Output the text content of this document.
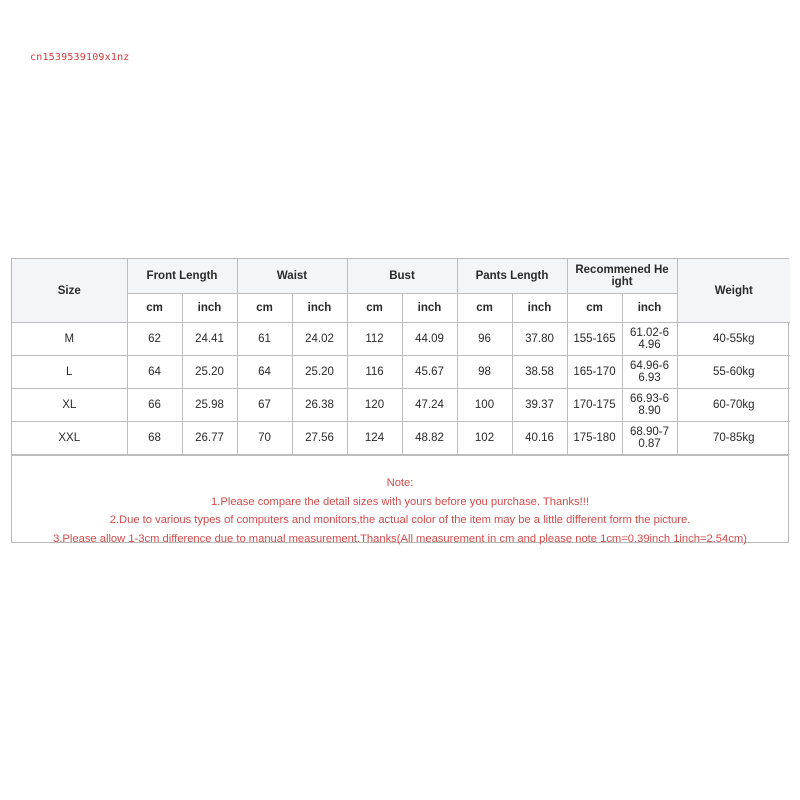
cn1539539109x1nz
Size	Front Length		Waist		Bust		Pants Length		Recommened He ight		Weight
	cm	inch	cm	inch	cm	inch	cm	inch	cm	inch	
M	62	24.41	61	24.02	112	44.09	96	37.80	155-165	61.02-6 4.96	40-55kg
L	64	25.20	64	25.20	116	45.67	98	38.58	165-170	64.96-6 6.93	55-60kg
XL	66	25.98	67	26.38	120	47.24	100	39.37	170-175	66.93-6 8.90	60-70kg
XXL	68	26.77	70	27.56	124	48.82	102	40.16	175-180	68.90-7 0.87	70-85kg
Note:
1.Please compare the detail sizes with yours before you purchase. Thanks!!!
2.Due to various types of computers and monitors,the actual color of the item may be a little different form the picture.
3.Please allow 1-3cm difference due to manual measurement.Thanks(All measurement in cm and please note 1cm=0.39inch 1inch=2.54cm)
